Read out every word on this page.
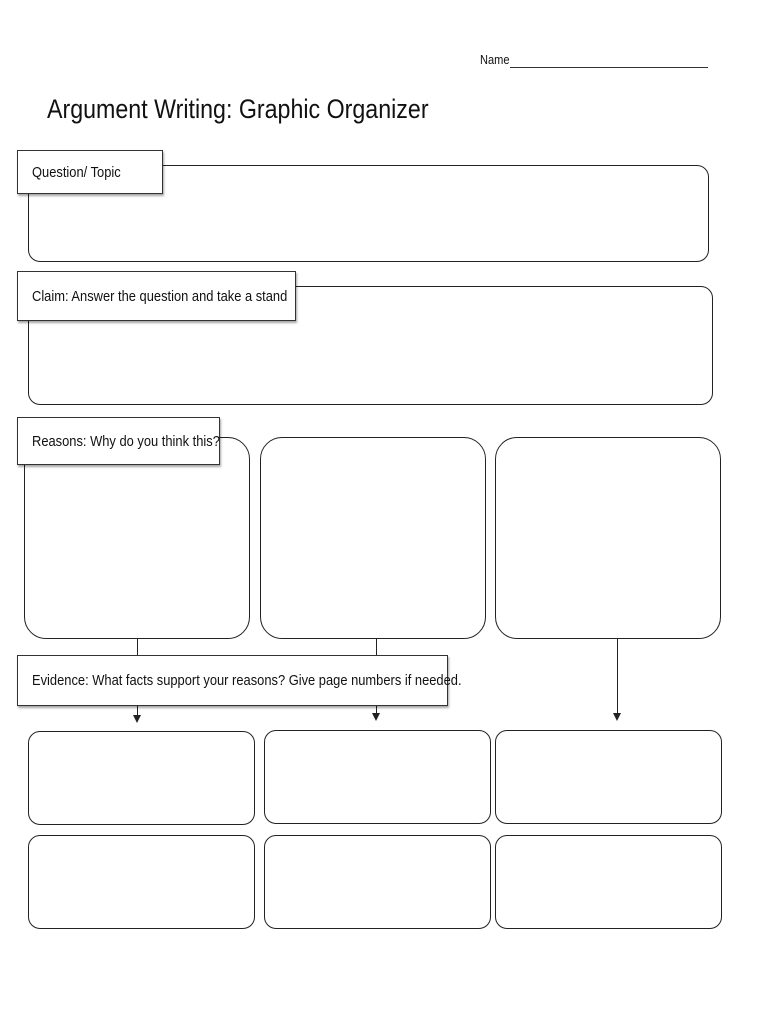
Name
Argument Writing: Graphic Organizer
Question/ Topic
Claim: Answer the question and take a stand
Reasons: Why do you think this?
Evidence: What facts support your reasons? Give page numbers if needed.
